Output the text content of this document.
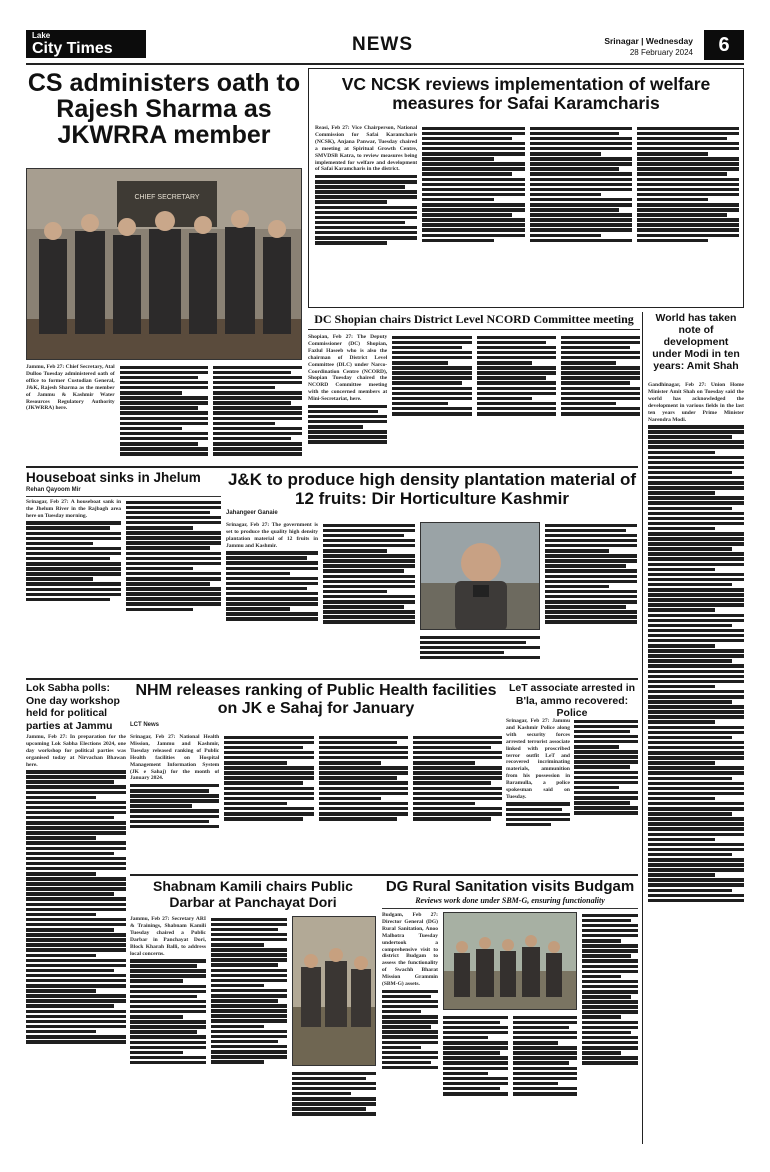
Lake
City Times	NEWS	Srinagar | Wednesday
28 February 2024	6
CS administers oath to Rajesh Sharma as JKWRRA member
CHIEF SECRETARY
Jammu, Feb 27: Chief Secretary, Atal Dulloo Tuesday administered oath of office to former Custodian General, J&K, Rajesh Sharma as the member of Jammu & Kashmir Water Resources Regulatory Authority (JKWRRA) here.
VC NCSK reviews implementation of welfare measures for Safai Karamcharis
Reasi, Feb 27: Vice Chairperson, National Commission for Safai Karamcharis (NCSK), Anjana Panwar, Tuesday chaired a meeting at Spiritual Growth Centre, SMVDSB Katra, to review measures being implemented for welfare and development of Safai Karamcharis in the district.
DC Shopian chairs District Level NCORD Committee meeting
Shopian, Feb 27: The Deputy Commissioner (DC) Shopian, Fazlul Haseeb who is also the chairman of District Level Committee (DLC) under Narco-Coordination Centre (NCORD), Shopian Tuesday chaired the NCORD Committee meeting with the concerned members at Mini-Secretariat, here.
World has taken note of development under Modi in ten years: Amit Shah
Gandhinagar, Feb 27: Union Home Minister Amit Shah on Tuesday said the world has acknowledged the development in various fields in the last ten years under Prime Minister Narendra Modi.
Houseboat sinks in Jhelum
Rehan Qayoom Mir
Srinagar, Feb 27: A houseboat sank in the Jhelum River in the Rajbagh area here on Tuesday morning.
J&K to produce high density plantation material of 12 fruits: Dir Horticulture Kashmir
Jahangeer Ganaie
Srinagar, Feb 27: The government is set to produce the quality high density plantation material of 12 fruits in Jammu and Kashmir.
Lok Sabha polls: One day workshop held for political parties at Jammu
Jammu, Feb 27: In preparation for the upcoming Lok Sabha Elections 2024, one day workshop for political parties was organised today at Nirvachan Bhawan here.
NHM releases ranking of Public Health facilities on JK e Sahaj for January
LCT News
Srinagar, Feb 27: National Health Mission, Jammu and Kashmir, Tuesday released ranking of Public Health facilities on Hospital Management Information System (JK e Sahaj) for the month of January 2024.
LeT associate arrested in B'la, ammo recovered: Police
Srinagar, Feb 27: Jammu and Kashmir Police along with security forces arrested terrorist associate linked with proscribed terror outfit LeT and recovered incriminating materials, ammunition from his possession in Baramulla, a police spokesman said on Tuesday.
Shabnam Kamili chairs Public Darbar at Panchayat Dori
Jammu, Feb 27: Secretary ARI & Trainings, Shabnam Kamili Tuesday chaired a Public Darbar in Panchayat Dori, Block Kharah Balli, to address local concerns.
DG Rural Sanitation visits Budgam
Reviews work done under SBM-G, ensuring functionality
Budgam, Feb 27: Director General (DG) Rural Sanitation, Anoo Malhotra Tuesday undertook a comprehensive visit to district Budgam to assess the functionality of Swachh Bharat Mission Grammin (SBM-G) assets.
